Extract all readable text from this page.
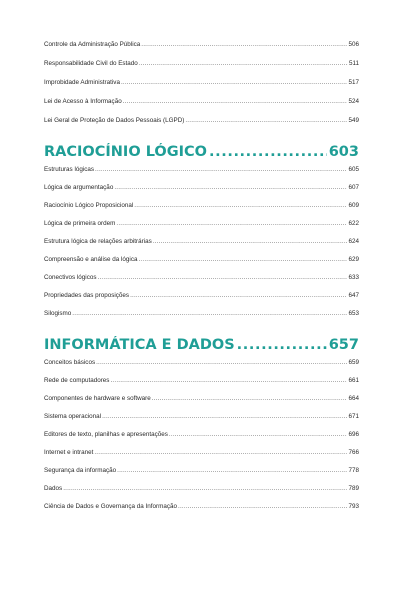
Controle da Administração Pública .....	506
Responsabilidade Civil do Estado .....	511
Improbidade Administrativa .....	517
Lei de Acesso à Informação .....	524
Lei Geral de Proteção de Dados Pessoais (LGPD) .....	549
RACIOCÍNIO LÓGICO .....	603
Estruturas lógicas .....	605
Lógica de argumentação .....	607
Raciocínio Lógico Proposicional .....	609
Lógica de primeira ordem .....	622
Estrutura lógica de relações arbitrárias .....	624
Compreensão e análise da lógica .....	629
Conectivos lógicos .....	633
Propriedades das proposições .....	647
Silogismo .....	653
INFORMÁTICA E DADOS .....	657
Conceitos básicos .....	659
Rede de computadores .....	661
Componentes de hardware e software .....	664
Sistema operacional .....	671
Editores de texto, planilhas e apresentações .....	696
Internet e intranet .....	766
Segurança da informação .....	778
Dados .....	789
Ciência de Dados e Governança da Informação .....	793
